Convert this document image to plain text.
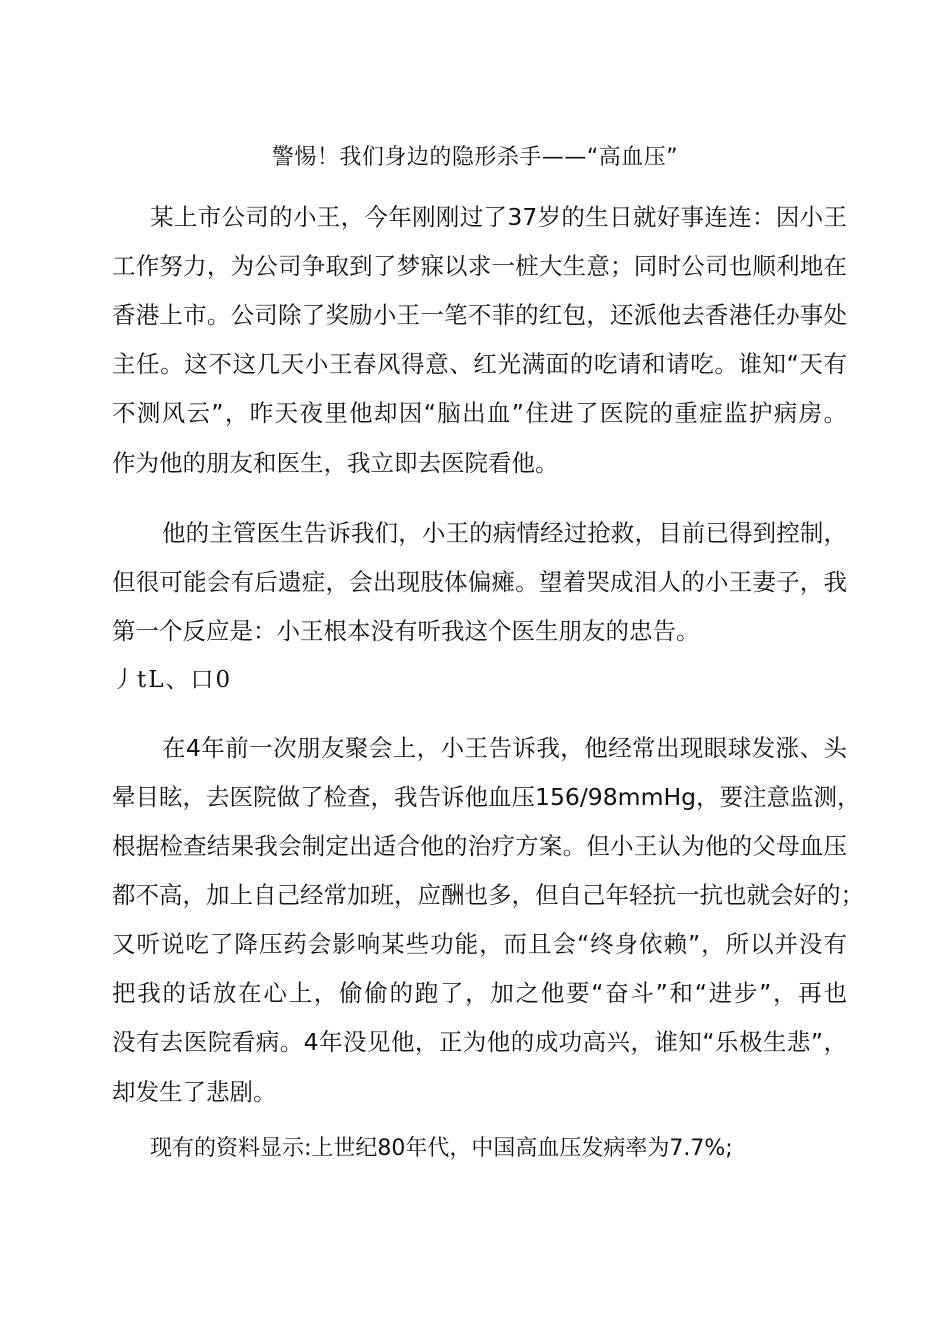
警惕！我们身边的隐形杀手——“高血压”
某上市公司的小王，今年刚刚过了37岁的生日就好事连连：因小王
工作努力，为公司争取到了梦寐以求一桩大生意；同时公司也顺利地在
香港上市。公司除了奖励小王一笔不菲的红包，还派他去香港任办事处
主任。这不这几天小王春风得意、红光满面的吃请和请吃。谁知“天有
不测风云”，昨天夜里他却因“脑出血”住进了医院的重症监护病房。
作为他的朋友和医生，我立即去医院看他。
他的主管医生告诉我们，小王的病情经过抢救，目前已得到控制，
但很可能会有后遗症，会出现肢体偏瘫。望着哭成泪人的小王妻子，我
第一个反应是：小王根本没有听我这个医生朋友的忠告。
丿tL、口0
在4年前一次朋友聚会上，小王告诉我，他经常出现眼球发涨、头
晕目眩，去医院做了检查，我告诉他血压156/98mmHg，要注意监测，
根据检查结果我会制定出适合他的治疗方案。但小王认为他的父母血压
都不高，加上自己经常加班，应酬也多，但自己年轻抗一抗也就会好的；
又听说吃了降压药会影响某些功能，而且会“终身依赖”，所以并没有
把我的话放在心上，偷偷的跑了，加之他要“奋斗”和“进步”，再也
没有去医院看病。4年没见他，正为他的成功高兴，谁知“乐极生悲”，
却发生了悲剧。
现有的资料显示:上世纪80年代，中国高血压发病率为7.7%;
